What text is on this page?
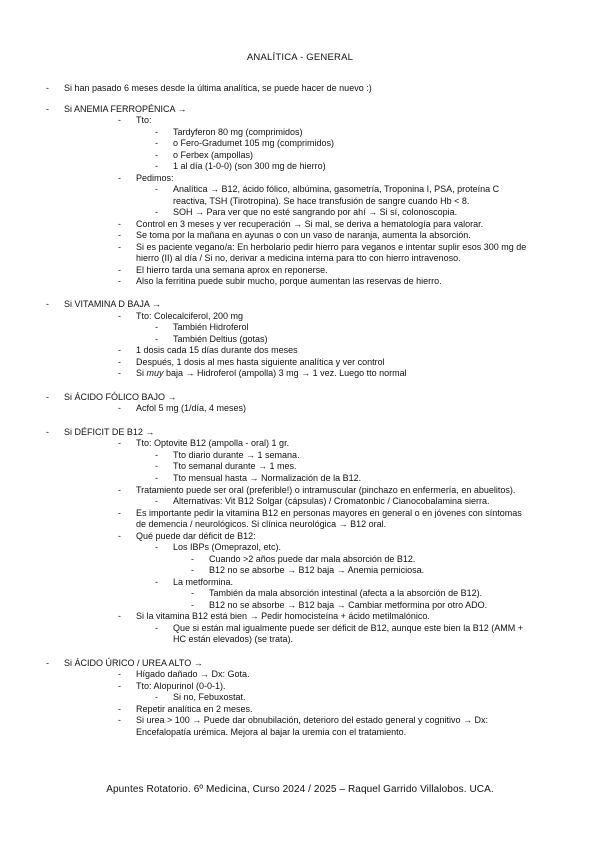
ANALÍTICA - GENERAL
- Si han pasado 6 meses desde la última analítica, se puede hacer de nuevo :)
- Si ANEMIA FERROPÉNICA →
- Tto:
- Tardyferon 80 mg (comprimidos)
- o Fero-Gradumet 105 mg (comprimidos)
- o Ferbex (ampollas)
- 1 al día (1-0-0) (son 300 mg de hierro)
- Pedimos:
- Analítica → B12, ácido fólico, albúmina, gasometría, Troponina I, PSA, proteína C
reactiva, TSH (Tirotropina). Se hace transfusión de sangre cuando Hb < 8.
- SOH → Para ver que no esté sangrando por ahí → Si sí, colonoscopia.
- Control en 3 meses y ver recuperación → Si mal, se deriva a hematología para valorar.
- Se toma por la mañana en ayunas o con un vaso de naranja, aumenta la absorción.
- Si es paciente vegano/a: En herbolario pedir hierro para veganos e intentar suplir esos 300 mg de
hierro (II) al día / Si no, derivar a medicina interna para tto con hierro intravenoso.
- El hierro tarda una semana aprox en reponerse.
- Also la ferritina puede subir mucho, porque aumentan las reservas de hierro.
- Si VITAMINA D BAJA →
- Tto: Colecalciferol, 200 mg
- También Hidroferol
- También Deltius (gotas)
- 1 dosis cada 15 días durante dos meses
- Después, 1 dosis al mes hasta siguiente analítica y ver control
- Si muy baja → Hidroferol (ampolla) 3 mg → 1 vez. Luego tto normal
- Si ÁCIDO FÓLICO BAJO →
- Acfol 5 mg (1/día, 4 meses)
- Si DÉFICIT DE B12 →
- Tto: Optovite B12 (ampolla - oral) 1 gr.
- Tto diario durante → 1 semana.
- Tto semanal durante → 1 mes.
- Tto mensual hasta → Normalización de la B12.
- Tratamiento puede ser oral (preferible!) o intramuscular (pinchazo en enfermería, en abuelitos).
- Alternativas: Vit B12 Solgar (cápsulas) / Cromatonbic / Cianocobalamina sierra.
- Es importante pedir la vitamina B12 en personas mayores en general o en jóvenes con síntomas
de demencia / neurológicos. Si clínica neurológica → B12 oral.
- Qué puede dar déficit de B12:
- Los IBPs (Omeprazol, etc).
- Cuando >2 años puede dar mala absorción de B12.
- B12 no se absorbe → B12 baja → Anemia perniciosa.
- La metformina.
- También da mala absorción intestinal (afecta a la absorción de B12).
- B12 no se absorbe → B12 baja → Cambiar metformina por otro ADO.
- Si la vitamina B12 está bien → Pedir homocisteína + ácido metilmalónico.
- Que si están mal igualmente puede ser déficit de B12, aunque este bien la B12 (AMM +
HC están elevados) (se trata).
- Si ÁCIDO ÚRICO / UREA ALTO →
- Hígado dañado → Dx: Gota.
- Tto: Alopurinol (0-0-1).
- Si no, Febuxostat.
- Repetir analítica en 2 meses.
- Si urea > 100 → Puede dar obnubilación, deterioro del estado general y cognitivo → Dx:
Encefalopatía urémica. Mejora al bajar la uremia con el tratamiento.
Apuntes Rotatorio. 6º Medicina, Curso 2024 / 2025 – Raquel Garrido Villalobos. UCA.
